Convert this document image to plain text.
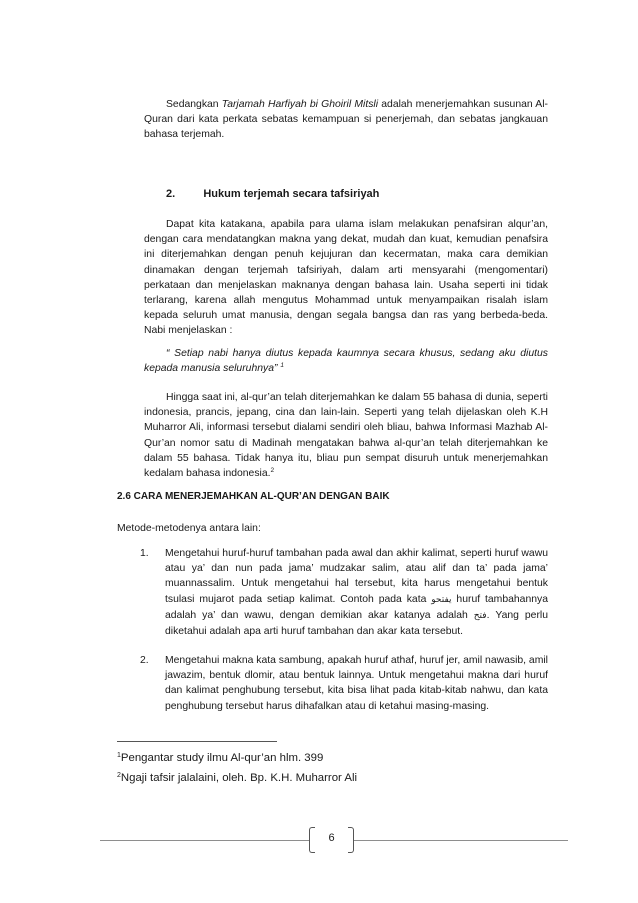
Sedangkan Tarjamah Harfiyah bi Ghoiril Mitsli adalah menerjemahkan susunan Al-Quran dari kata perkata sebatas kemampuan si penerjemah, dan sebatas jangkauan bahasa terjemah.

2.	Hukum terjemah secara tafsiriyah

Dapat kita katakana, apabila para ulama islam melakukan penafsiran alqur’an, dengan cara mendatangkan makna yang dekat, mudah dan kuat, kemudian penafsira ini diterjemahkan dengan penuh kejujuran dan kecermatan, maka cara demikian dinamakan dengan terjemah tafsiriyah, dalam arti mensyarahi (mengomentari) perkataan dan menjelaskan maknanya dengan bahasa lain. Usaha seperti ini tidak terlarang, karena allah mengutus Mohammad untuk menyampaikan risalah islam kepada seluruh umat manusia, dengan segala bangsa dan ras yang berbeda-beda. Nabi menjelaskan :

“ Setiap nabi hanya diutus kepada kaumnya secara khusus, sedang aku diutus kepada manusia seluruhnya” $^1$

Hingga saat ini, al-qur’an telah diterjemahkan ke dalam 55 bahasa di dunia, seperti indonesia, prancis, jepang, cina dan lain-lain. Seperti yang telah dijelaskan oleh K.H Muharror Ali, informasi tersebut dialami sendiri oleh bliau, bahwa Informasi Mazhab Al-Qur’an nomor satu di Madinah mengatakan bahwa al-qur’an telah diterjemahkan ke dalam 55 bahasa. Tidak hanya itu, bliau pun sempat disuruh untuk menerjemahkan kedalam bahasa indonesia.$^2$

2.6 CARA MENERJEMAHKAN AL-QUR’AN DENGAN BAIK
Metode-metodenya antara lain:
1. Mengetahui huruf-huruf tambahan pada awal dan akhir kalimat, seperti huruf wawu atau ya’ dan nun pada jama’ mudzakar salim, atau alif dan ta’ pada jama’ muannassalim. Untuk mengetahui hal tersebut, kita harus mengetahui bentuk tsulasi mujarot pada setiap kalimat. Contoh pada kata يفتحو huruf tambahannya adalah ya’ dan wawu, dengan demikian akar katanya adalah فتح. Yang perlu diketahui adalah apa arti huruf tambahan dan akar kata tersebut.
2. Mengetahui makna kata sambung, apakah huruf athaf, huruf jer, amil nawasib, amil jawazim, bentuk dlomir, atau bentuk lainnya. Untuk mengetahui makna dari huruf dan kalimat penghubung tersebut, kita bisa lihat pada kitab-kitab nahwu, dan kata penghubung tersebut harus dihafalkan atau di ketahui masing-masing.
$^1$Pengantar study ilmu Al-qur’an hlm. 399
$^2$Ngaji tafsir jalalaini, oleh. Bp. K.H. Muharror Ali
6
